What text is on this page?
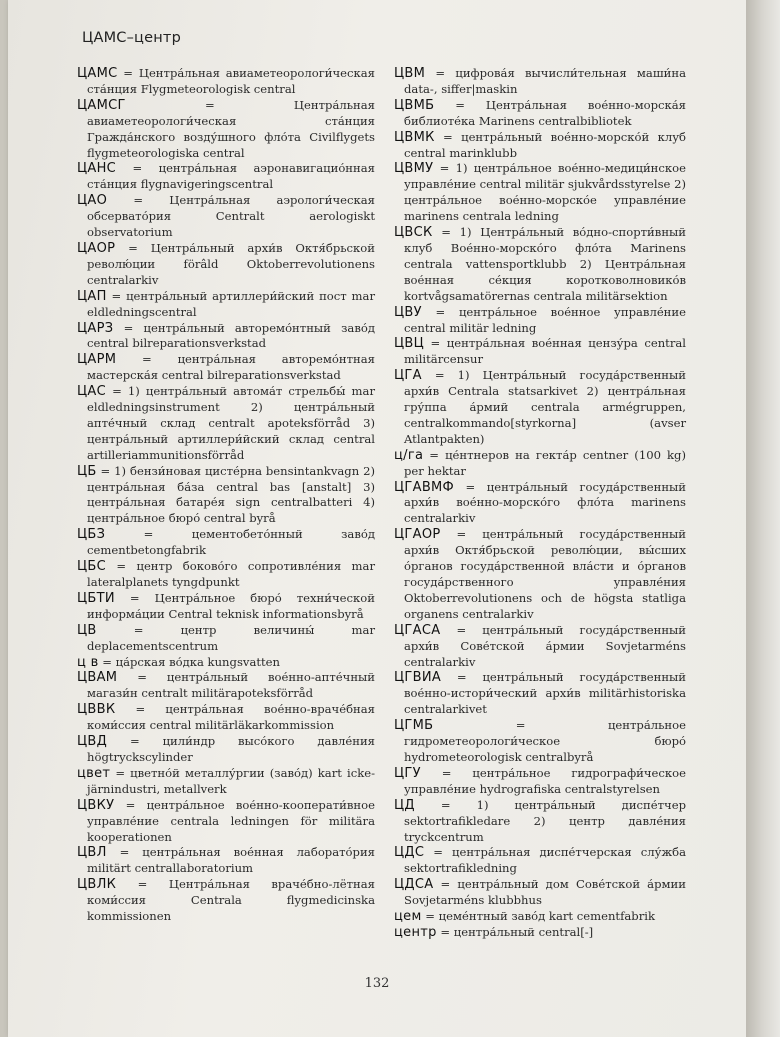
ЦАМС–центр
ЦАМС = Центра́льная авиаметеорологи́ческая ста́нция Flygmeteorologisk central
ЦАМСГ = Центра́льная авиаметеорологи́ческая ста́нция Гражда́нского возду́шного фло́та Civilflygets flygmeteorologiska central
ЦАНС = центра́льная аэронавигацио́нная ста́нция flygnavigeringscentral
ЦАО = Центра́льная аэрологи́ческая обсервато́рия Centralt aerologiskt observatorium
ЦАОР = Центра́льный архи́в Октя́брьской револю́ции förâld Oktoberrevolutionens centralarkiv
ЦАП = центра́льный артиллери́йский пост mar eldledningscentral
ЦАРЗ = центра́льный авторемо́нтный заво́д central bilreparationsverkstad
ЦАРМ = центра́льная авторемо́нтная мастерска́я central bilreparationsverkstad
ЦАС = 1) центра́льный автома́т стрельбы́ mar eldledningsinstrument 2) центра́льный апте́чный склад centralt apoteksförråd 3) центра́льный артиллери́йский склад central artilleriammunitionsförråd
ЦБ = 1) бензи́новая цисте́рна bensintankvagn 2) центра́льная ба́за central bas [anstalt] 3) центра́льная батаре́я sign centralbatteri 4) центра́льное бюро́ central byrå
ЦБЗ = цементобето́нный заво́д cementbetongfabrik
ЦБС = центр боково́го сопротивле́ния mar lateralplanets tyngdpunkt
ЦБТИ = Центра́льное бюро́ техни́ческой информа́ции Central teknisk informationsbyrå
ЦВ = центр величины́ mar deplacementscentrum
ц в = ца́рская во́дка kungsvatten
ЦВАМ = центра́льный вое́нно-апте́чный магази́н centralt militärapoteksförråd
ЦВВК = центра́льная вое́нно-враче́бная коми́ссия central militärläkarkommission
ЦВД = цили́ндр высо́кого давле́ния högtryckscylinder
цвет = цветно́й металлу́ргии (заво́д) kart icke-järnindustri, metallverk
ЦВКУ = центра́льное вое́нно-кооперати́вное управле́ние centrala ledningen för militära kooperationen
ЦВЛ = центра́льная вое́нная лаборато́рия militärt centrallaboratorium
ЦВЛК = Центра́льная враче́бно-лётная коми́ссия Centrala flygmedicinska kommissionen
ЦВМ = цифрова́я вычисли́тельная маши́на data-, siffer|maskin
ЦВМБ = Центра́льная вое́нно-морска́я библиоте́ка Marinens centralbibliotek
ЦВМК = центра́льный вое́нно-морско́й клуб central marinklubb
ЦВМУ = 1) центра́льное вое́нно-медици́нское управле́ние central militär sjukvårdsstyrelse 2) центра́льное вое́нно-морско́е управле́ние marinens centrala ledning
ЦВСК = 1) Центра́льный во́дно-спорти́вный клуб Вое́нно-морско́го фло́та Marinens centrala vattensportklubb 2) Центра́льная вое́нная се́кция коротковолновико́в kortvågsamatörernas centrala militärsektion
ЦВУ = центра́льное вое́нное управле́ние central militär ledning
ЦВЦ = центра́льная вое́нная цензу́ра central militärcensur
ЦГА = 1) Центра́льный госуда́рственный архи́в Centrala statsarkivet 2) центра́льная гру́ппа а́рмий centrala armégruppen, centralkommando[styrkorna] (avser Atlantpakten)
ц/га = це́нтнеров на гекта́р centner (100 kg) per hektar
ЦГАВМФ = центра́льный госуда́рственный архи́в вое́нно-морско́го фло́та marinens centralarkiv
ЦГАОР = центра́льный госуда́рственный архи́в Октя́брьской револю́ции, вы́сших о́рганов госуда́рственной вла́сти и о́рганов госуда́рственного управле́ния Oktoberrevolutionens och de högsta statliga organens centralarkiv
ЦГАСА = центра́льный госуда́рственный архи́в Сове́тской а́рмии Sovjetarméns centralarkiv
ЦГВИА = центра́льный госуда́рственный вое́нно-истори́ческий архи́в militärhistoriska centralarkivet
ЦГМБ = центра́льное гидрометеорологи́ческое бюро́ hydrometeorologisk centralbyrå
ЦГУ = центра́льное гидрографи́ческое управле́ние hydrografiska centralstyrelsen
ЦД = 1) центра́льный диспе́тчер sektortrafikledare 2) центр давле́ния tryckcentrum
ЦДС = центра́льная диспе́тчерская слу́жба sektortrafikledning
ЦДСА = центра́льный дом Сове́тской а́рмии Sovjetarméns klubbhus
цем = цеме́нтный заво́д kart cementfabrik
центр = центра́льный central[-]
132
